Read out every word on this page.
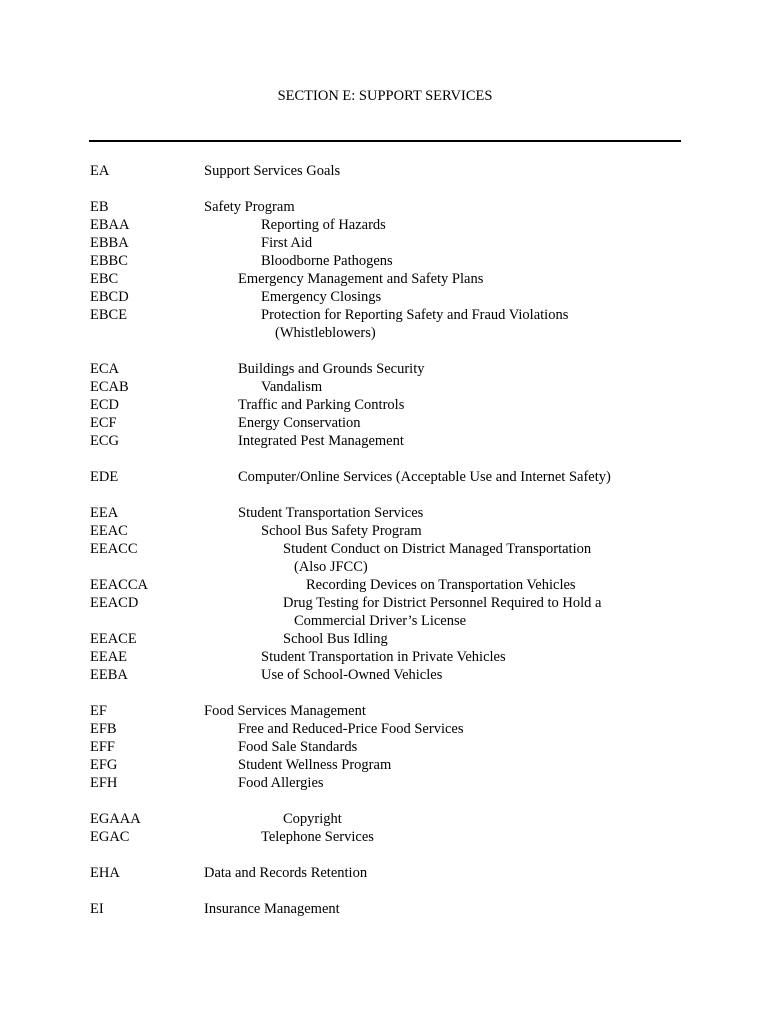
SECTION E: SUPPORT SERVICES
EA	Support Services Goals
EB	Safety Program
EBAA	Reporting of Hazards
EBBA	First Aid
EBBC	Bloodborne Pathogens
EBC	Emergency Management and Safety Plans
EBCD	Emergency Closings
EBCE	Protection for Reporting Safety and Fraud Violations
(Whistleblowers)
ECA	Buildings and Grounds Security
ECAB	Vandalism
ECD	Traffic and Parking Controls
ECF	Energy Conservation
ECG	Integrated Pest Management
EDE	Computer/Online Services (Acceptable Use and Internet Safety)
EEA	Student Transportation Services
EEAC	School Bus Safety Program
EEACC	Student Conduct on District Managed Transportation
(Also JFCC)
EEACCA	Recording Devices on Transportation Vehicles
EEACD	Drug Testing for District Personnel Required to Hold a
Commercial Driver’s License
EEACE	School Bus Idling
EEAE	Student Transportation in Private Vehicles
EEBA	Use of School-Owned Vehicles
EF	Food Services Management
EFB	Free and Reduced-Price Food Services
EFF	Food Sale Standards
EFG	Student Wellness Program
EFH	Food Allergies
EGAAA	Copyright
EGAC	Telephone Services
EHA	Data and Records Retention
EI	Insurance Management
